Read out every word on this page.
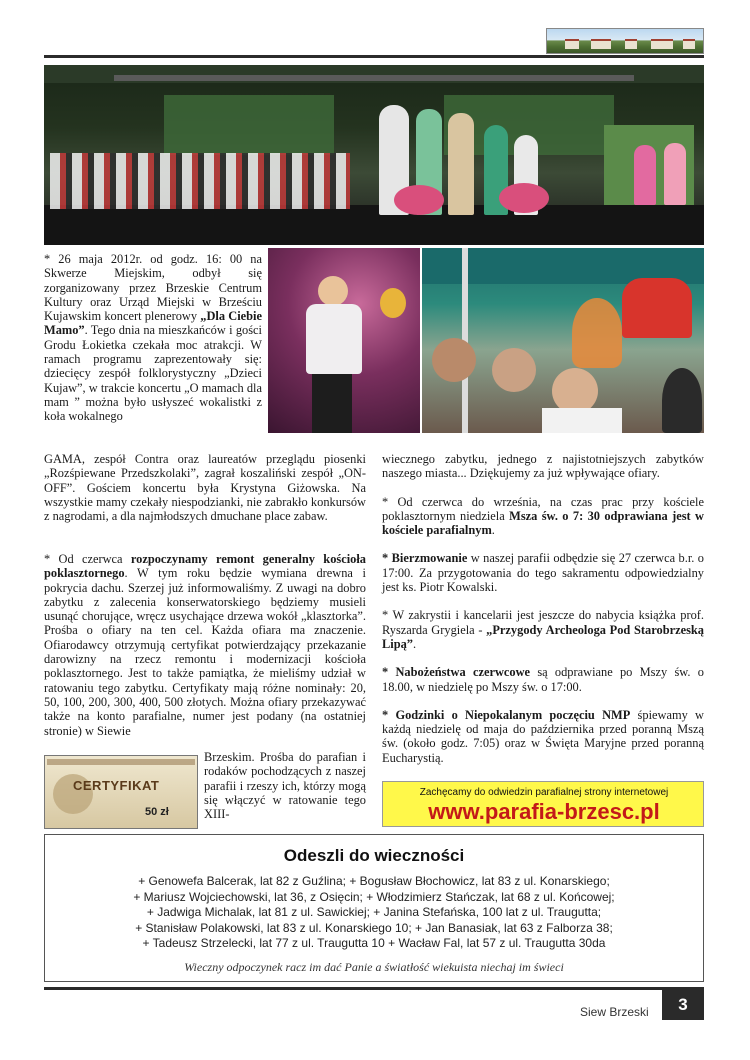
* 26 maja 2012r. od godz. 16: 00 na Skwerze Miejskim, odbył się zorganizowany przez Brzeskie Centrum Kultury oraz Urząd Miejski w Brześciu Kujawskim koncert plenerowy „Dla Ciebie Mamo”. Tego dnia na mieszkańców i gości Grodu Łokietka czekała moc atrakcji. W ramach programu zaprezentowały się: dziecięcy zespół folklorystyczny „Dzieci Kujaw”, w trakcie koncertu „O mamach dla mam ” można było usłyszeć wokalistki z koła wokalnego

GAMA, zespół Contra oraz laureatów przeglądu piosenki „Rozśpiewane Przedszkolaki”, zagrał koszaliński zespół „ON-OFF”. Gościem koncertu była Krystyna Giżowska. Na wszystkie mamy czekały niespodzianki, nie zabrakło konkursów z nagrodami, a dla najmłodszych dmuchane place zabaw.

* Od czerwca rozpoczynamy remont generalny kościoła poklasztornego. W tym roku będzie wymiana drewna i pokrycia dachu. Szerzej już informowaliśmy. Z uwagi na dobro zabytku z zalecenia konserwatorskiego będziemy musieli usunąć chorujące, wręcz usychające drzewa wokół „klasztorka”. Prośba o ofiary na ten cel. Każda ofiara ma znaczenie. Ofiarodawcy otrzymują certyfikat potwierdzający przekazanie darowizny na rzecz remontu i modernizacji kościoła poklasztornego. Jest to także pamiątka, że mieliśmy udział w ratowaniu tego zabytku. Certyfikaty mają różne nominały: 20, 50, 100, 200, 300, 400, 500 złotych. Można ofiary przekazywać także na konto parafialne, numer jest podany (na ostatniej stronie) w Siewie

Brzeskim. Prośba do parafian i rodaków pochodzących z naszej parafii i rzeszy ich, którzy mogą się włączyć w ratowanie tego XIII-

CERTYFIKAT
50 zł

wiecznego zabytku, jednego z najistotniejszych zabytków naszego miasta... Dziękujemy za już wpływające ofiary.

* Od czerwca do września, na czas prac przy kościele poklasztornym niedziela Msza św. o 7: 30 odprawiana jest w kościele parafialnym.

* Bierzmowanie w naszej parafii odbędzie się 27 czerwca b.r. o 17:00. Za przygotowania do tego sakramentu odpowiedzialny jest ks. Piotr Kowalski.

* W zakrystii i kancelarii jest jeszcze do nabycia książka prof. Ryszarda Grygiela - „Przygody Archeologa Pod Starobrzeską Lipą”.

* Nabożeństwa czerwcowe są odprawiane po Mszy św. o 18.00, w niedzielę po Mszy św. o 17:00.

* Godzinki o Niepokalanym poczęciu NMP śpiewamy w każdą niedzielę od maja do października przed poranną Mszą św. (około godz. 7:05) oraz w Święta Maryjne przed poranną Eucharystią.

Zachęcamy do odwiedzin parafialnej strony internetowej
www.parafia-brzesc.pl
Odeszli do wieczności
+ Genowefa Balcerak, lat 82 z Guźlina; + Bogusław Błochowicz, lat 83 z ul. Konarskiego;
+ Mariusz Wojciechowski, lat 36, z Osięcin; + Włodzimierz Stańczak, lat 68 z ul. Końcowej;
+ Jadwiga Michalak, lat 81 z ul. Sawickiej; + Janina Stefańska, 100 lat z ul. Traugutta;
+ Stanisław Polakowski, lat 83 z ul. Konarskiego 10; + Jan Banasiak, lat 63 z Falborza 38;
+ Tadeusz Strzelecki, lat 77 z ul. Traugutta 10 + Wacław Fal, lat 57 z ul. Traugutta 30da
Wieczny odpoczynek racz im dać Panie a światłość wiekuista niechaj im świeci
Siew Brzeski	3
